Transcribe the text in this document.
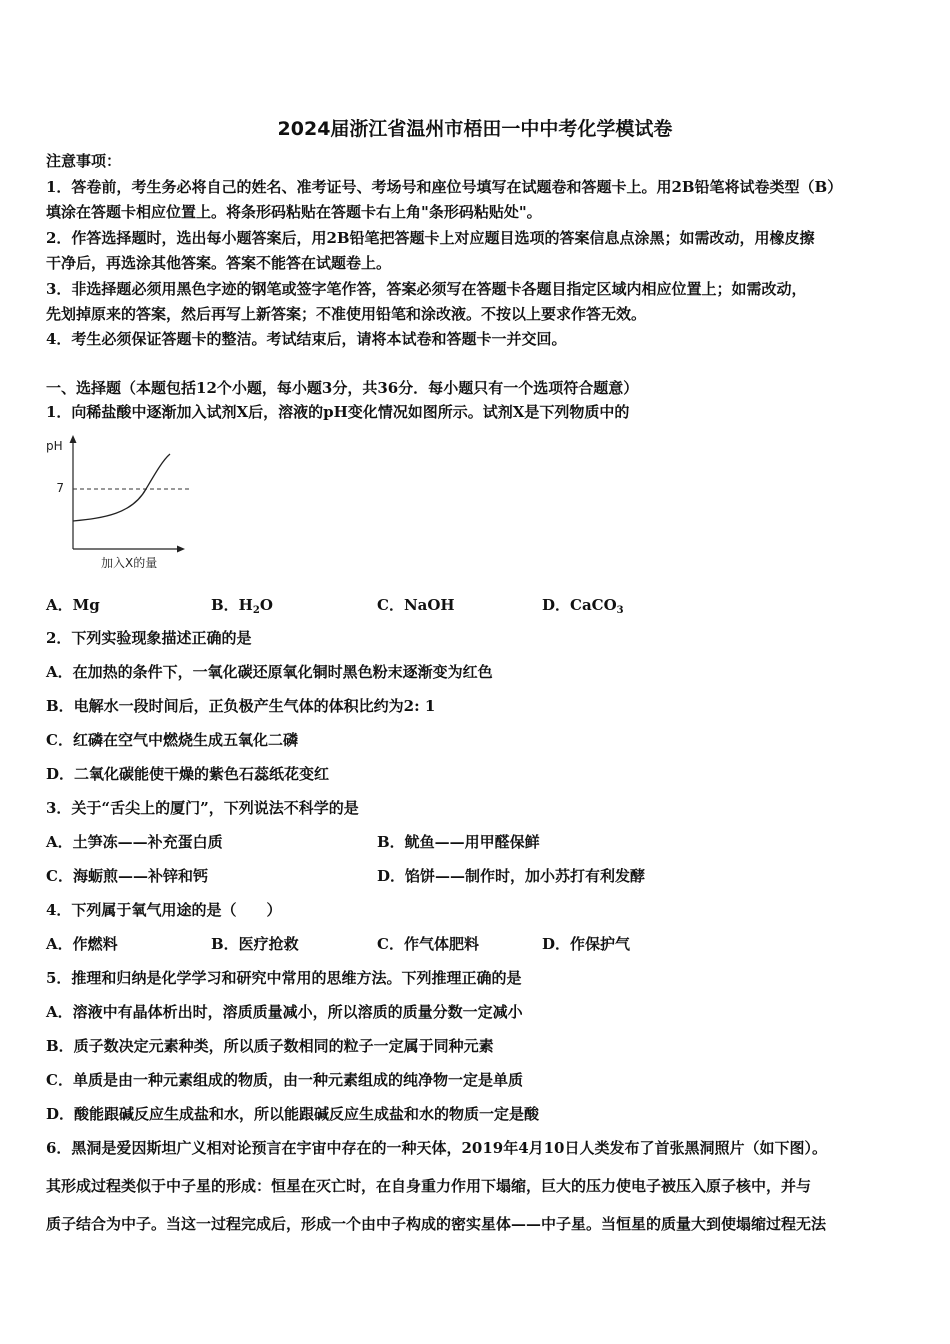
2024届浙江省温州市梧田一中中考化学模试卷
注意事项：
1．答卷前，考生务必将自己的姓名、准考证号、考场号和座位号填写在试题卷和答题卡上。用2B铅笔将试卷类型（B）
填涂在答题卡相应位置上。将条形码粘贴在答题卡右上角"条形码粘贴处"。
2．作答选择题时，选出每小题答案后，用2B铅笔把答题卡上对应题目选项的答案信息点涂黑；如需改动，用橡皮擦
干净后，再选涂其他答案。答案不能答在试题卷上。
3．非选择题必须用黑色字迹的钢笔或签字笔作答，答案必须写在答题卡各题目指定区域内相应位置上；如需改动，
先划掉原来的答案，然后再写上新答案；不准使用铅笔和涂改液。不按以上要求作答无效。
4．考生必须保证答题卡的整洁。考试结束后，请将本试卷和答题卡一并交回。
一、选择题（本题包括12个小题，每小题3分，共36分．每小题只有一个选项符合题意）
1．向稀盐酸中逐渐加入试剂X后，溶液的pH变化情况如图所示。试剂X是下列物质中的
pH
7
加入X的量
A．Mg	B．$H_2O$	C．NaOH	D．CaCO$_3$
2．下列实验现象描述正确的是
A．在加热的条件下，一氧化碳还原氧化铜时黑色粉末逐渐变为红色
B．电解水一段时间后，正负极产生气体的体积比约为2: 1
C．红磷在空气中燃烧生成五氧化二磷
D．二氧化碳能使干燥的紫色石蕊纸花变红
3．关于“舌尖上的厦门”，下列说法不科学的是
A．土笋冻——补充蛋白质	B．鱿鱼——用甲醛保鲜
C．海蛎煎——补锌和钙	D．馅饼——制作时，加小苏打有利发酵
4．下列属于氧气用途的是（　　）
A．作燃料	B．医疗抢救	C．作气体肥料	D．作保护气
5．推理和归纳是化学学习和研究中常用的思维方法。下列推理正确的是
A．溶液中有晶体析出时，溶质质量减小，所以溶质的质量分数一定减小
B．质子数决定元素种类，所以质子数相同的粒子一定属于同种元素
C．单质是由一种元素组成的物质，由一种元素组成的纯净物一定是单质
D．酸能跟碱反应生成盐和水，所以能跟碱反应生成盐和水的物质一定是酸
6．黑洞是爱因斯坦广义相对论预言在宇宙中存在的一种天体，2019年4月10日人类发布了首张黑洞照片（如下图）。
其形成过程类似于中子星的形成：恒星在灭亡时，在自身重力作用下塌缩，巨大的压力使电子被压入原子核中，并与
质子结合为中子。当这一过程完成后，形成一个由中子构成的密实星体——中子星。当恒星的质量大到使塌缩过程无法
